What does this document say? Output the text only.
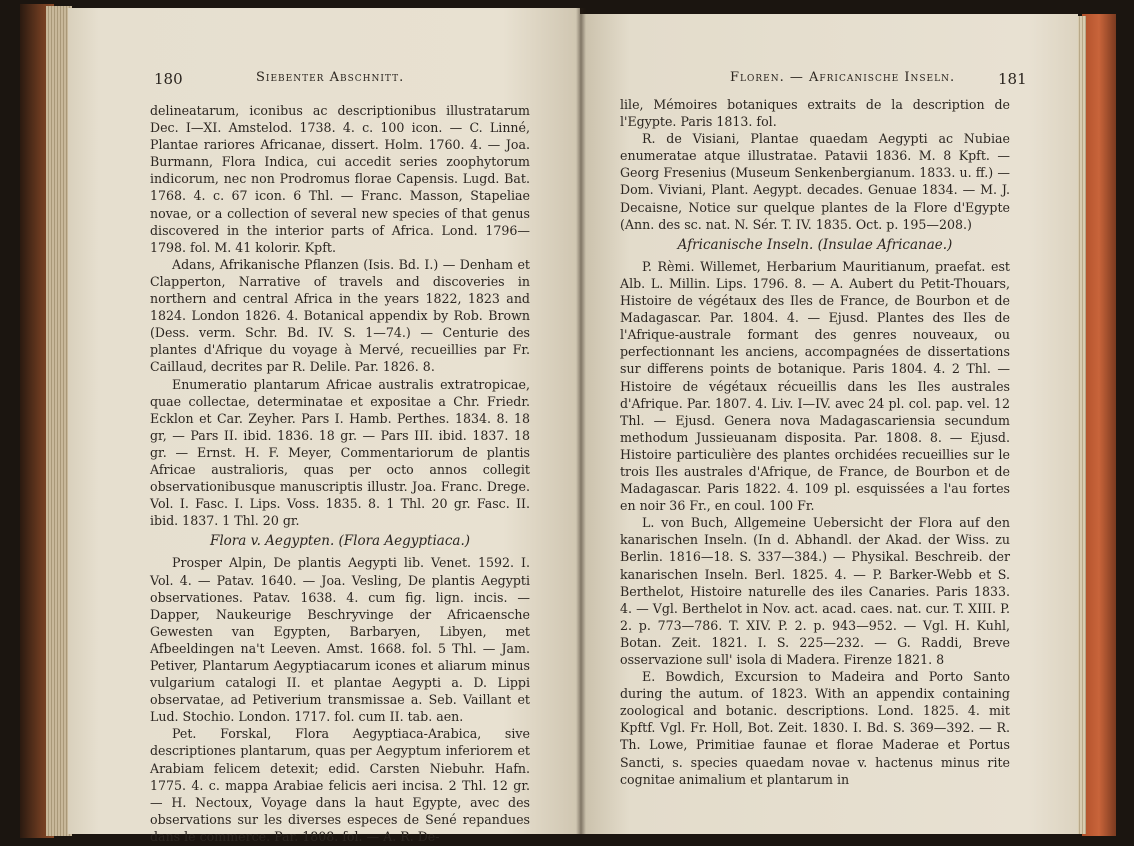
180	Siebenter Abschnitt.

delineatarum, iconibus ac descriptionibus illustratarum Dec. I—XI. Amstelod. 1738. 4. c. 100 icon. — C. Linné, Plantae rariores Africanae, dissert. Holm. 1760. 4. — Joa. Burmann, Flora Indica, cui accedit series zoophytorum indicorum, nec non Prodromus florae Capensis. Lugd. Bat. 1768. 4. c. 67 icon. 6 Thl. — Franc. Masson, Stapeliae novae, or a collection of several new species of that genus discovered in the interior parts of Africa. Lond. 1796—1798. fol. M. 41 kolorir. Kpft.

Adans, Afrikanische Pflanzen (Isis. Bd. I.) — Denham et Clapperton, Narrative of travels and discoveries in northern and central Africa in the years 1822, 1823 and 1824. London 1826. 4. Botanical appendix by Rob. Brown (Dess. verm. Schr. Bd. IV. S. 1—74.) — Centurie des plantes d'Afrique du voyage à Mervé, recueillies par Fr. Caillaud, decrites par R. Delile. Par. 1826. 8.

Enumeratio plantarum Africae australis extratropicae, quae collectae, determinatae et expositae a Chr. Friedr. Ecklon et Car. Zeyher. Pars I. Hamb. Perthes. 1834. 8. 18 gr, — Pars II. ibid. 1836. 18 gr. — Pars III. ibid. 1837. 18 gr. — Ernst. H. F. Meyer, Commentariorum de plantis Africae australioris, quas per octo annos collegit observationibusque manuscriptis illustr. Joa. Franc. Drege. Vol. I. Fasc. I. Lips. Voss. 1835. 8. 1 Thl. 20 gr. Fasc. II. ibid. 1837. 1 Thl. 20 gr.

Flora v. Aegypten. (Flora Aegyptiaca.)

Prosper Alpin, De plantis Aegypti lib. Venet. 1592. I. Vol. 4. — Patav. 1640. — Joa. Vesling, De plantis Aegypti observationes. Patav. 1638. 4. cum fig. lign. incis. — Dapper, Naukeurige Beschryvinge der Africaensche Gewesten van Egypten, Barbaryen, Libyen, met Afbeeldingen na't Leeven. Amst. 1668. fol. 5 Thl. — Jam. Petiver, Plantarum Aegyptiacarum icones et aliarum minus vulgarium catalogi II. et plantae Aegypti a. D. Lippi observatae, ad Petiverium transmissae a. Seb. Vaillant et Lud. Stochio. London. 1717. fol. cum II. tab. aen.

Pet. Forskal, Flora Aegyptiaca-Arabica, sive descriptiones plantarum, quas per Aegyptum inferiorem et Arabiam felicem detexit; edid. Carsten Niebuhr. Hafn. 1775. 4. c. mappa Arabiae felicis aeri incisa. 2 Thl. 12 gr. — H. Nectoux, Voyage dans la haut Egypte, avec des observations sur les diverses especes de Sené repandues dans le commerce. Par. 1808. fol. — A. R. De-

Floren. — Africanische Inseln.	181

lile, Mémoires botaniques extraits de la description de l'Egypte. Paris 1813. fol.

R. de Visiani, Plantae quaedam Aegypti ac Nubiae enumeratae atque illustratae. Patavii 1836. M. 8 Kpft. — Georg Fresenius (Museum Senkenbergianum. 1833. u. ff.) — Dom. Viviani, Plant. Aegypt. decades. Genuae 1834. — M. J. Decaisne, Notice sur quelque plantes de la Flore d'Egypte (Ann. des sc. nat. N. Sér. T. IV. 1835. Oct. p. 195—208.)

Africanische Inseln. (Insulae Africanae.)

P. Rèmi. Willemet, Herbarium Mauritianum, praefat. est Alb. L. Millin. Lips. 1796. 8. — A. Aubert du Petit-Thouars, Histoire de végétaux des Iles de France, de Bourbon et de Madagascar. Par. 1804. 4. — Ejusd. Plantes des Iles de l'Afrique-australe formant des genres nouveaux, ou perfectionnant les anciens, accompagnées de dissertations sur differens points de botanique. Paris 1804. 4. 2 Thl. — Histoire de végétaux récueillis dans les Iles australes d'Afrique. Par. 1807. 4. Liv. I—IV. avec 24 pl. col. pap. vel. 12 Thl. — Ejusd. Genera nova Madagascariensia secundum methodum Jussieuanam disposita. Par. 1808. 8. — Ejusd. Histoire particulière des plantes orchidées recueillies sur le trois Iles australes d'Afrique, de France, de Bourbon et de Madagascar. Paris 1822. 4. 109 pl. esquissées a l'au fortes en noir 36 Fr., en coul. 100 Fr.

L. von Buch, Allgemeine Uebersicht der Flora auf den kanarischen Inseln. (In d. Abhandl. der Akad. der Wiss. zu Berlin. 1816—18. S. 337—384.) — Physikal. Beschreib. der kanarischen Inseln. Berl. 1825. 4. — P. Barker-Webb et S. Berthelot, Histoire naturelle des iles Canaries. Paris 1833. 4. — Vgl. Berthelot in Nov. act. acad. caes. nat. cur. T. XIII. P. 2. p. 773—786. T. XIV. P. 2. p. 943—952. — Vgl. H. Kuhl, Botan. Zeit. 1821. I. S. 225—232. — G. Raddi, Breve osservazione sull' isola di Madera. Firenze 1821. 8

E. Bowdich, Excursion to Madeira and Porto Santo during the autum. of 1823. With an appendix containing zoological and botanic. descriptions. Lond. 1825. 4. mit Kpftf. Vgl. Fr. Holl, Bot. Zeit. 1830. I. Bd. S. 369—392. — R. Th. Lowe, Primitiae faunae et florae Maderae et Portus Sancti, s. species quaedam novae v. hactenus minus rite cognitae animalium et plantarum in
